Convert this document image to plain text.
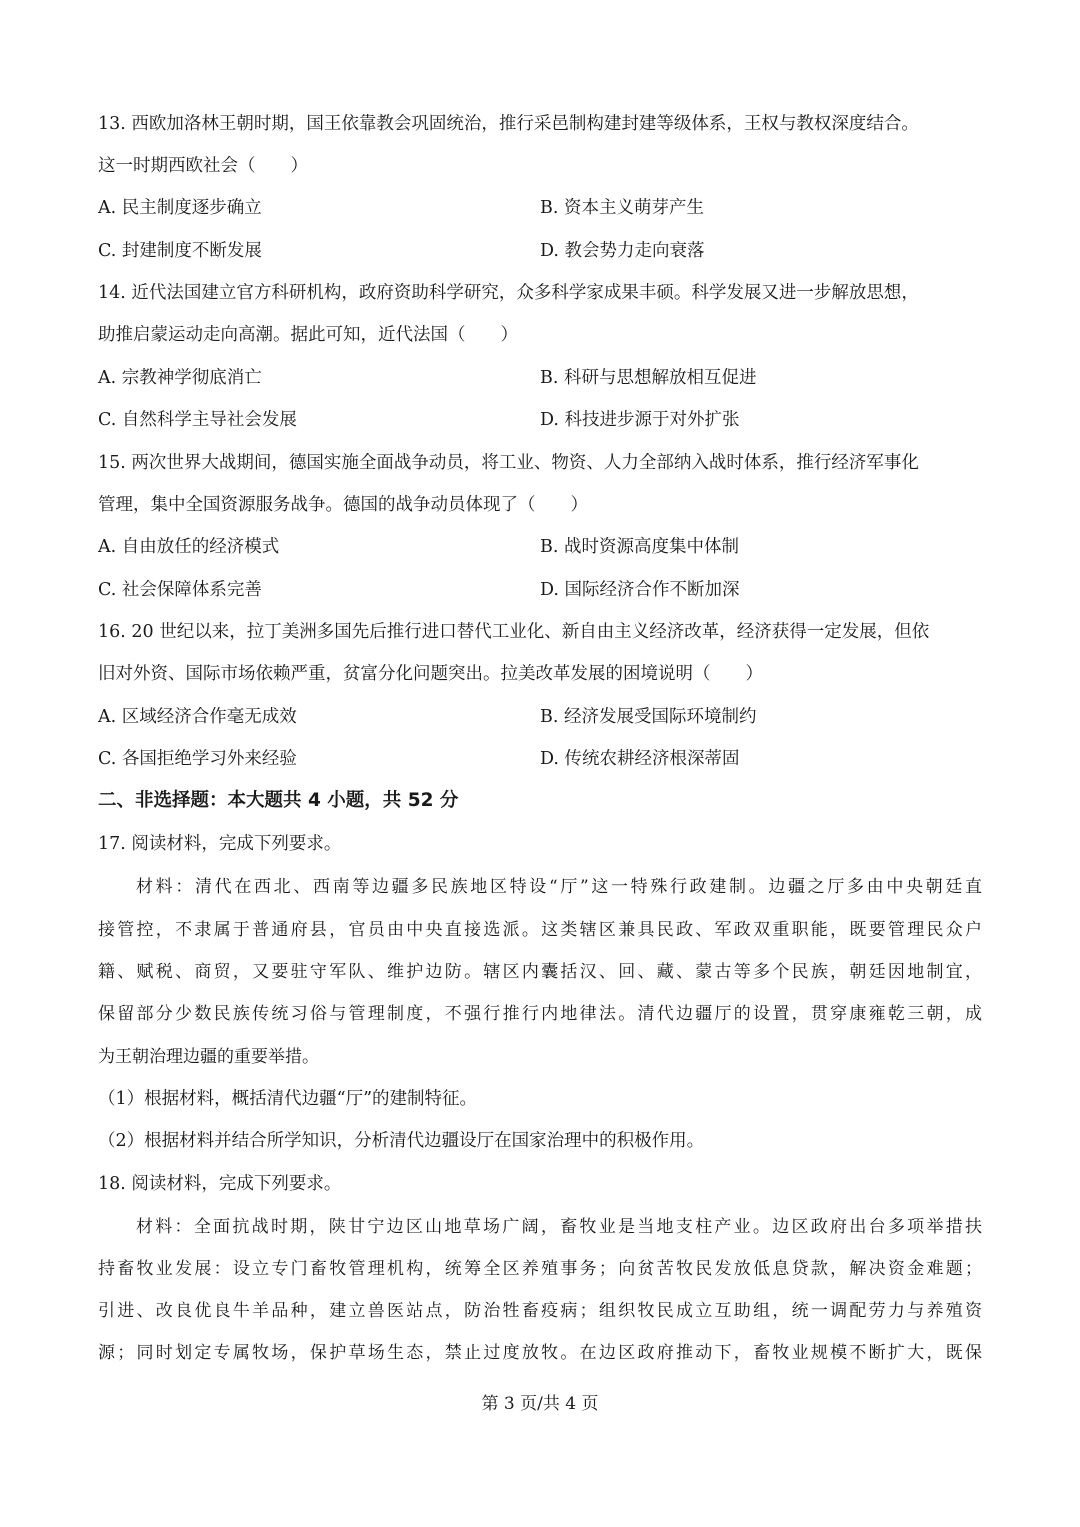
13. 西欧加洛林王朝时期，国王依靠教会巩固统治，推行采邑制构建封建等级体系，王权与教权深度结合。
这一时期西欧社会（　　）
A. 民主制度逐步确立	B. 资本主义萌芽产生
C. 封建制度不断发展	D. 教会势力走向衰落
14. 近代法国建立官方科研机构，政府资助科学研究，众多科学家成果丰硕。科学发展又进一步解放思想，
助推启蒙运动走向高潮。据此可知，近代法国（　　）
A. 宗教神学彻底消亡	B. 科研与思想解放相互促进
C. 自然科学主导社会发展	D. 科技进步源于对外扩张
15. 两次世界大战期间，德国实施全面战争动员，将工业、物资、人力全部纳入战时体系，推行经济军事化
管理，集中全国资源服务战争。德国的战争动员体现了（　　）
A. 自由放任的经济模式	B. 战时资源高度集中体制
C. 社会保障体系完善	D. 国际经济合作不断加深
16. 20 世纪以来，拉丁美洲多国先后推行进口替代工业化、新自由主义经济改革，经济获得一定发展，但依
旧对外资、国际市场依赖严重，贫富分化问题突出。拉美改革发展的困境说明（　　）
A. 区域经济合作毫无成效	B. 经济发展受国际环境制约
C. 各国拒绝学习外来经验	D. 传统农耕经济根深蒂固
二、非选择题：本大题共 4 小题，共 52 分
17. 阅读材料，完成下列要求。
材料：清代在西北、西南等边疆多民族地区特设“厅”这一特殊行政建制。边疆之厅多由中央朝廷直
接管控，不隶属于普通府县，官员由中央直接选派。这类辖区兼具民政、军政双重职能，既要管理民众户
籍、赋税、商贸，又要驻守军队、维护边防。辖区内囊括汉、回、藏、蒙古等多个民族，朝廷因地制宜，
保留部分少数民族传统习俗与管理制度，不强行推行内地律法。清代边疆厅的设置，贯穿康雍乾三朝，成
为王朝治理边疆的重要举措。
（1）根据材料，概括清代边疆“厅”的建制特征。
（2）根据材料并结合所学知识，分析清代边疆设厅在国家治理中的积极作用。
18. 阅读材料，完成下列要求。
材料：全面抗战时期，陕甘宁边区山地草场广阔，畜牧业是当地支柱产业。边区政府出台多项举措扶
持畜牧业发展：设立专门畜牧管理机构，统筹全区养殖事务；向贫苦牧民发放低息贷款，解决资金难题；
引进、改良优良牛羊品种，建立兽医站点，防治牲畜疫病；组织牧民成立互助组，统一调配劳力与养殖资
源；同时划定专属牧场，保护草场生态，禁止过度放牧。在边区政府推动下，畜牧业规模不断扩大，既保
第 3 页/共 4 页
